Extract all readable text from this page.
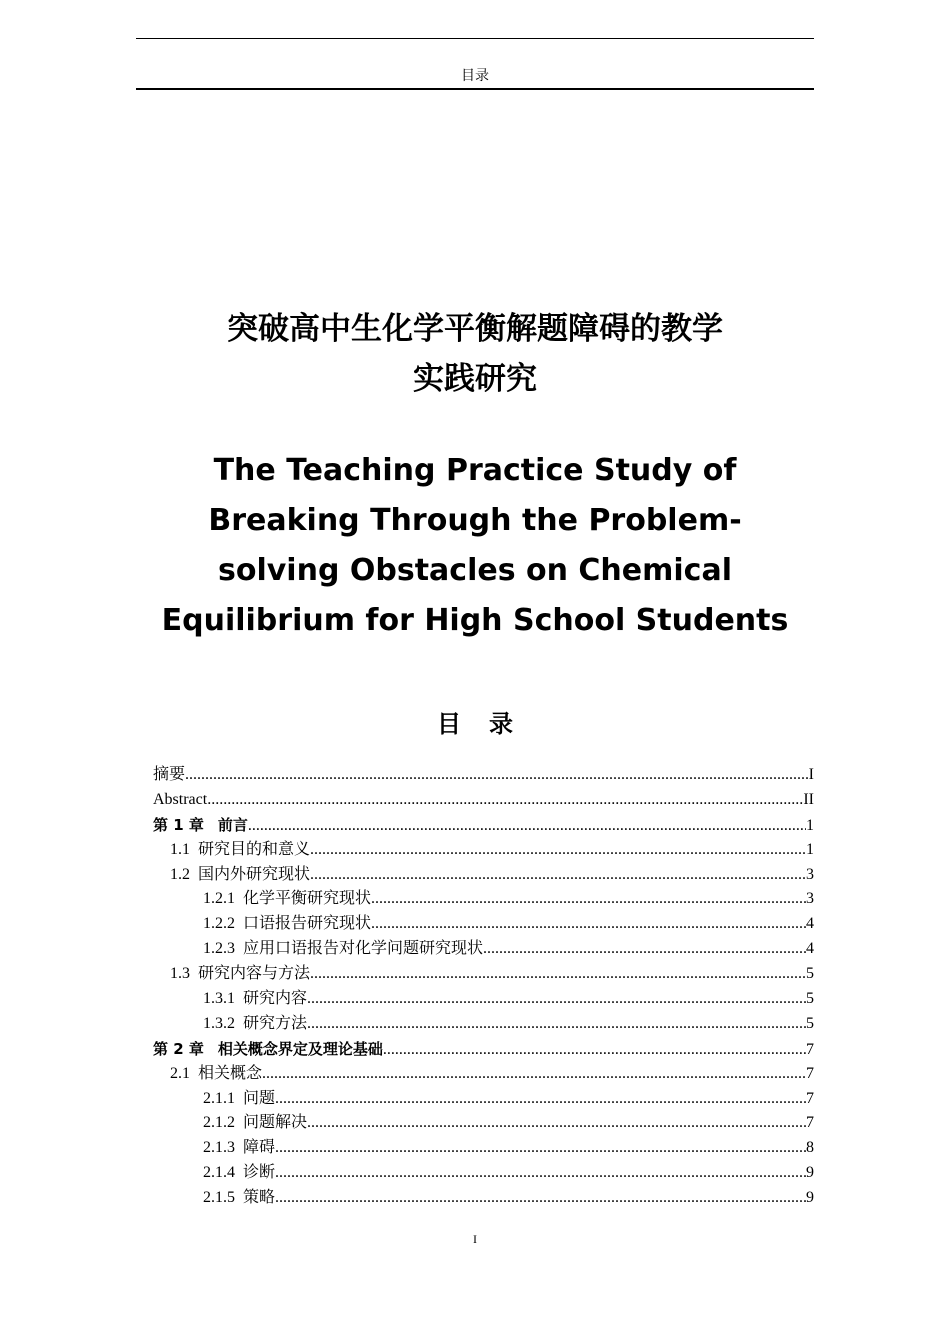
目录
突破高中生化学平衡解题障碍的教学
实践研究
The Teaching Practice Study of
Breaking Through the Problem-
solving Obstacles on Chemical
Equilibrium for High School Students
目录
摘要 .....	I
Abstract .....	II
第 1 章 前言 .....	1
1.1 研究目的和意义 .....	1
1.2 国内外研究现状 .....	3
1.2.1 化学平衡研究现状 .....	3
1.2.2 口语报告研究现状 .....	4
1.2.3 应用口语报告对化学问题研究现状 .....	4
1.3 研究内容与方法 .....	5
1.3.1 研究内容 .....	5
1.3.2 研究方法 .....	5
第 2 章 相关概念界定及理论基础 .....	7
2.1 相关概念 .....	7
2.1.1 问题 .....	7
2.1.2 问题解决 .....	7
2.1.3 障碍 .....	8
2.1.4 诊断 .....	9
2.1.5 策略 .....	9
I
